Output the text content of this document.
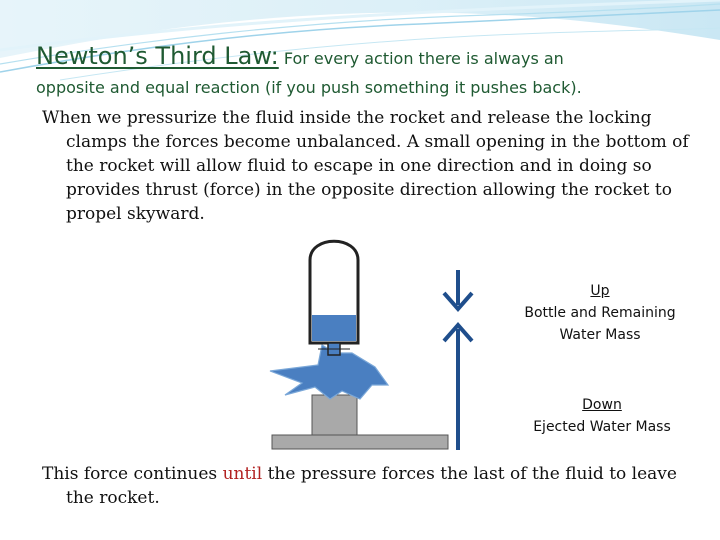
Newton’s Third Law: For every action there is always an
opposite and equal reaction (if you push something it pushes back).
When we pressurize the fluid inside the rocket and release the locking clamps the forces become unbalanced. A small opening in the bottom of the rocket will allow fluid to escape in one direction and in doing so provides thrust (force) in the opposite direction allowing the rocket to propel skyward.
Up
Bottle and Remaining
Water Mass
Down
Ejected Water Mass
This force continues until the pressure forces the last of the fluid to leave the rocket.
